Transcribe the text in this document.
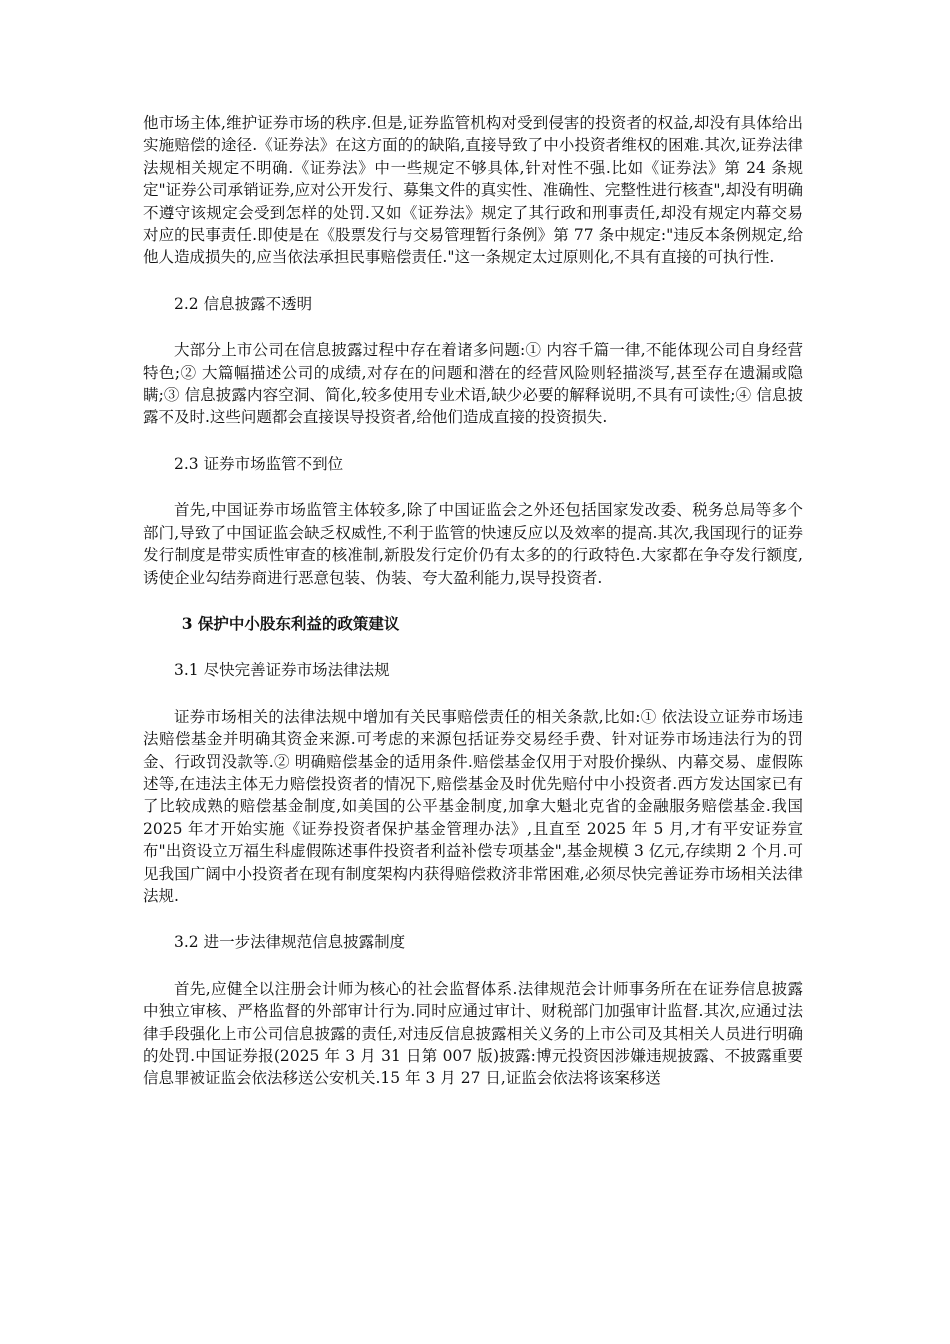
他市场主体,维护证券市场的秩序.但是,证券监管机构对受到侵害的投资者的权益,却没有具体给出实施赔偿的途径.《证券法》在这方面的的缺陷,直接导致了中小投资者维权的困难.其次,证券法律法规相关规定不明确.《证券法》中一些规定不够具体,针对性不强.比如《证券法》第 24 条规定"证券公司承销证券,应对公开发行、募集文件的真实性、准确性、完整性进行核查",却没有明确不遵守该规定会受到怎样的处罚.又如《证券法》规定了其行政和刑事责任,却没有规定内幕交易对应的民事责任.即使是在《股票发行与交易管理暂行条例》第 77 条中规定:"违反本条例规定,给他人造成损失的,应当依法承担民事赔偿责任."这一条规定太过原则化,不具有直接的可执行性.

2.2 信息披露不透明

大部分上市公司在信息披露过程中存在着诸多问题:① 内容千篇一律,不能体现公司自身经营特色;② 大篇幅描述公司的成绩,对存在的问题和潜在的经营风险则轻描淡写,甚至存在遗漏或隐瞒;③ 信息披露内容空洞、简化,较多使用专业术语,缺少必要的解释说明,不具有可读性;④ 信息披露不及时.这些问题都会直接误导投资者,给他们造成直接的投资损失.

2.3 证券市场监管不到位

首先,中国证券市场监管主体较多,除了中国证监会之外还包括国家发改委、税务总局等多个部门,导致了中国证监会缺乏权威性,不利于监管的快速反应以及效率的提高.其次,我国现行的证券发行制度是带实质性审查的核准制,新股发行定价仍有太多的的行政特色.大家都在争夺发行额度,诱使企业勾结券商进行恶意包装、伪装、夸大盈利能力,误导投资者.

3 保护中小股东利益的政策建议

3.1 尽快完善证券市场法律法规

证券市场相关的法律法规中增加有关民事赔偿责任的相关条款,比如:① 依法设立证券市场违法赔偿基金并明确其资金来源.可考虑的来源包括证券交易经手费、针对证券市场违法行为的罚金、行政罚没款等.② 明确赔偿基金的适用条件.赔偿基金仅用于对股价操纵、内幕交易、虚假陈述等,在违法主体无力赔偿投资者的情况下,赔偿基金及时优先赔付中小投资者.西方发达国家已有了比较成熟的赔偿基金制度,如美国的公平基金制度,加拿大魁北克省的金融服务赔偿基金.我国 2025 年才开始实施《证券投资者保护基金管理办法》,且直至 2025 年 5 月,才有平安证券宣布"出资设立万福生科虚假陈述事件投资者利益补偿专项基金",基金规模 3 亿元,存续期 2 个月.可见我国广阔中小投资者在现有制度架构内获得赔偿救济非常困难,必须尽快完善证券市场相关法律法规.

3.2 进一步法律规范信息披露制度

首先,应健全以注册会计师为核心的社会监督体系.法律规范会计师事务所在在证券信息披露中独立审核、严格监督的外部审计行为.同时应通过审计、财税部门加强审计监督.其次,应通过法律手段强化上市公司信息披露的责任,对违反信息披露相关义务的上市公司及其相关人员进行明确的处罚.中国证券报(2025 年 3 月 31 日第 007 版)披露:博元投资因涉嫌违规披露、不披露重要信息罪被证监会依法移送公安机关.15 年 3 月 27 日,证监会依法将该案移送
